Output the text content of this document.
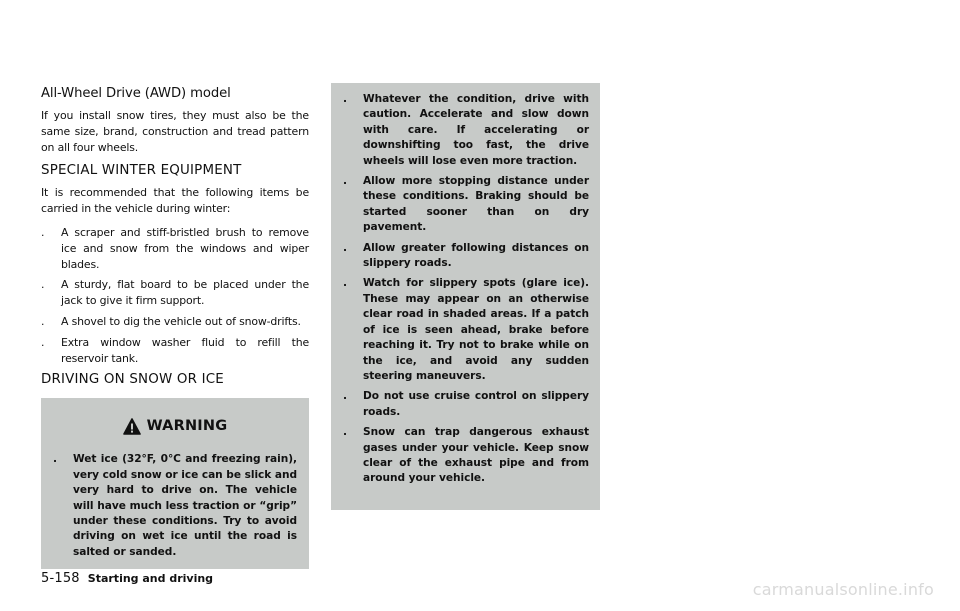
All-Wheel Drive (AWD) model

If you install snow tires, they must also be the same size, brand, construction and tread pattern on all four wheels.

SPECIAL WINTER EQUIPMENT

It is recommended that the following items be carried in the vehicle during winter:

. A scraper and stiff-bristled brush to remove ice and snow from the windows and wiper blades.
. A sturdy, flat board to be placed under the jack to give it firm support.
. A shovel to dig the vehicle out of snow-drifts.
. Extra window washer fluid to refill the reservoir tank.
DRIVING ON SNOW OR ICE
WARNING
. Wet ice (32°F, 0°C and freezing rain), very cold snow or ice can be slick and very hard to drive on. The vehicle will have much less traction or “grip” under these conditions. Try to avoid driving on wet ice until the road is salted or sanded.
. Whatever the condition, drive with caution. Accelerate and slow down with care. If accelerating or downshifting too fast, the drive wheels will lose even more traction.
. Allow more stopping distance under these conditions. Braking should be started sooner than on dry pavement.
. Allow greater following distances on slippery roads.
. Watch for slippery spots (glare ice). These may appear on an otherwise clear road in shaded areas. If a patch of ice is seen ahead, brake before reaching it. Try not to brake while on the ice, and avoid any sudden steering maneuvers.
. Do not use cruise control on slippery roads.
. Snow can trap dangerous exhaust gases under your vehicle. Keep snow clear of the exhaust pipe and from around your vehicle.
5-158 Starting and driving
carmanualsonline.info
